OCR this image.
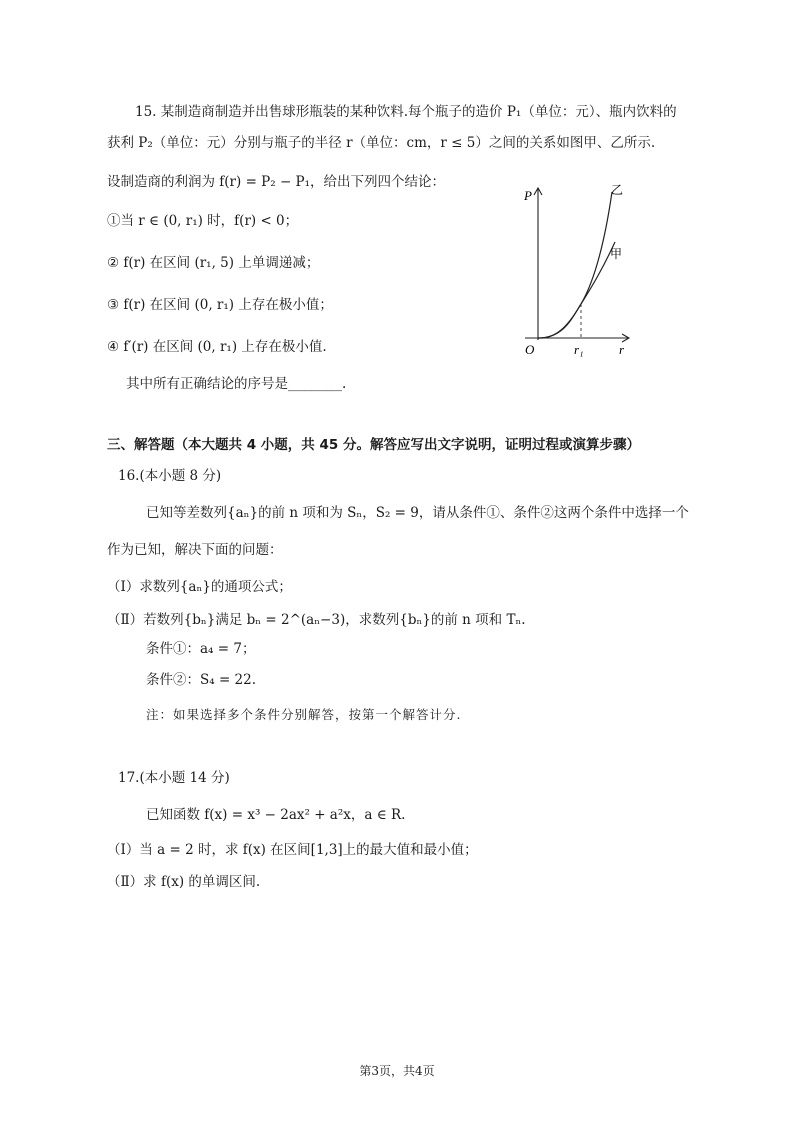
15. 某制造商制造并出售球形瓶装的某种饮料.每个瓶子的造价 P₁（单位：元）、瓶内饮料的
获利 P₂（单位：元）分别与瓶子的半径 r（单位：cm，r ≤ 5）之间的关系如图甲、乙所示.
设制造商的利润为 f(r) = P₂ − P₁，给出下列四个结论：
①当 r ∈ (0, r₁) 时，f(r) < 0；
② f(r) 在区间 (r₁, 5) 上单调递减；
③ f(r) 在区间 (0, r₁) 上存在极小值；
④ f′(r) 在区间 (0, r₁) 上存在极小值.
其中所有正确结论的序号是________.
P
r
O	r₁
乙
甲
三、解答题（本大题共 4 小题，共 45 分。解答应写出文字说明，证明过程或演算步骤）
16.(本小题 8 分)
已知等差数列{aₙ}的前 n 项和为 Sₙ，S₂ = 9，请从条件①、条件②这两个条件中选择一个
作为已知，解决下面的问题：
（Ⅰ）求数列{aₙ}的通项公式；
（Ⅱ）若数列{bₙ}满足 bₙ = 2^(aₙ−3)，求数列{bₙ}的前 n 项和 Tₙ.
条件①：a₄ = 7；
条件②：S₄ = 22.
注：如果选择多个条件分别解答，按第一个解答计分.
17.(本小题 14 分)
已知函数 f(x) = x³ − 2ax² + a²x，a ∈ R.
（Ⅰ）当 a = 2 时，求 f(x) 在区间[1,3]上的最大值和最小值；
（Ⅱ）求 f(x) 的单调区间.
第3页，共4页
